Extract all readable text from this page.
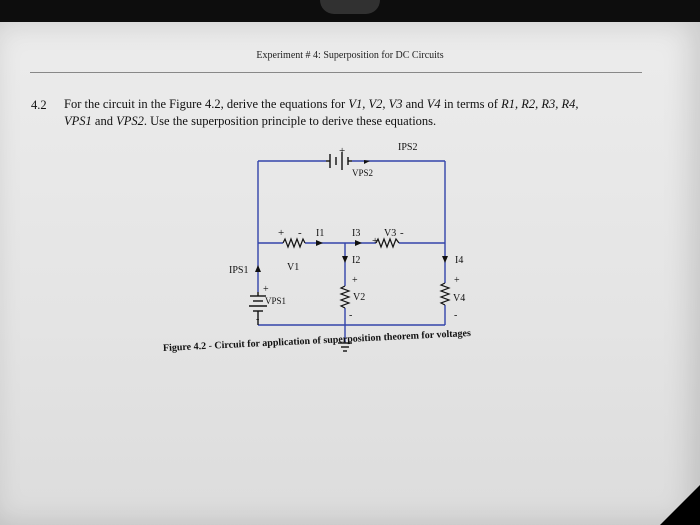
Experiment # 4: Superposition for DC Circuits
4.2 For the circuit in the Figure 4.2, derive the equations for V1, V2, V3 and V4 in terms of R1, R2, R3, R4,
VPS1 and VPS2. Use the superposition principle to derive these equations.
IPS2
+
VPS2
+ - I1	I3
+
V3 -
I2	I4
IPS1	V1
+	+
+
VPS1	V2	V4
-	-	-
Figure 4.2 - Circuit for application of superposition theorem for voltages
